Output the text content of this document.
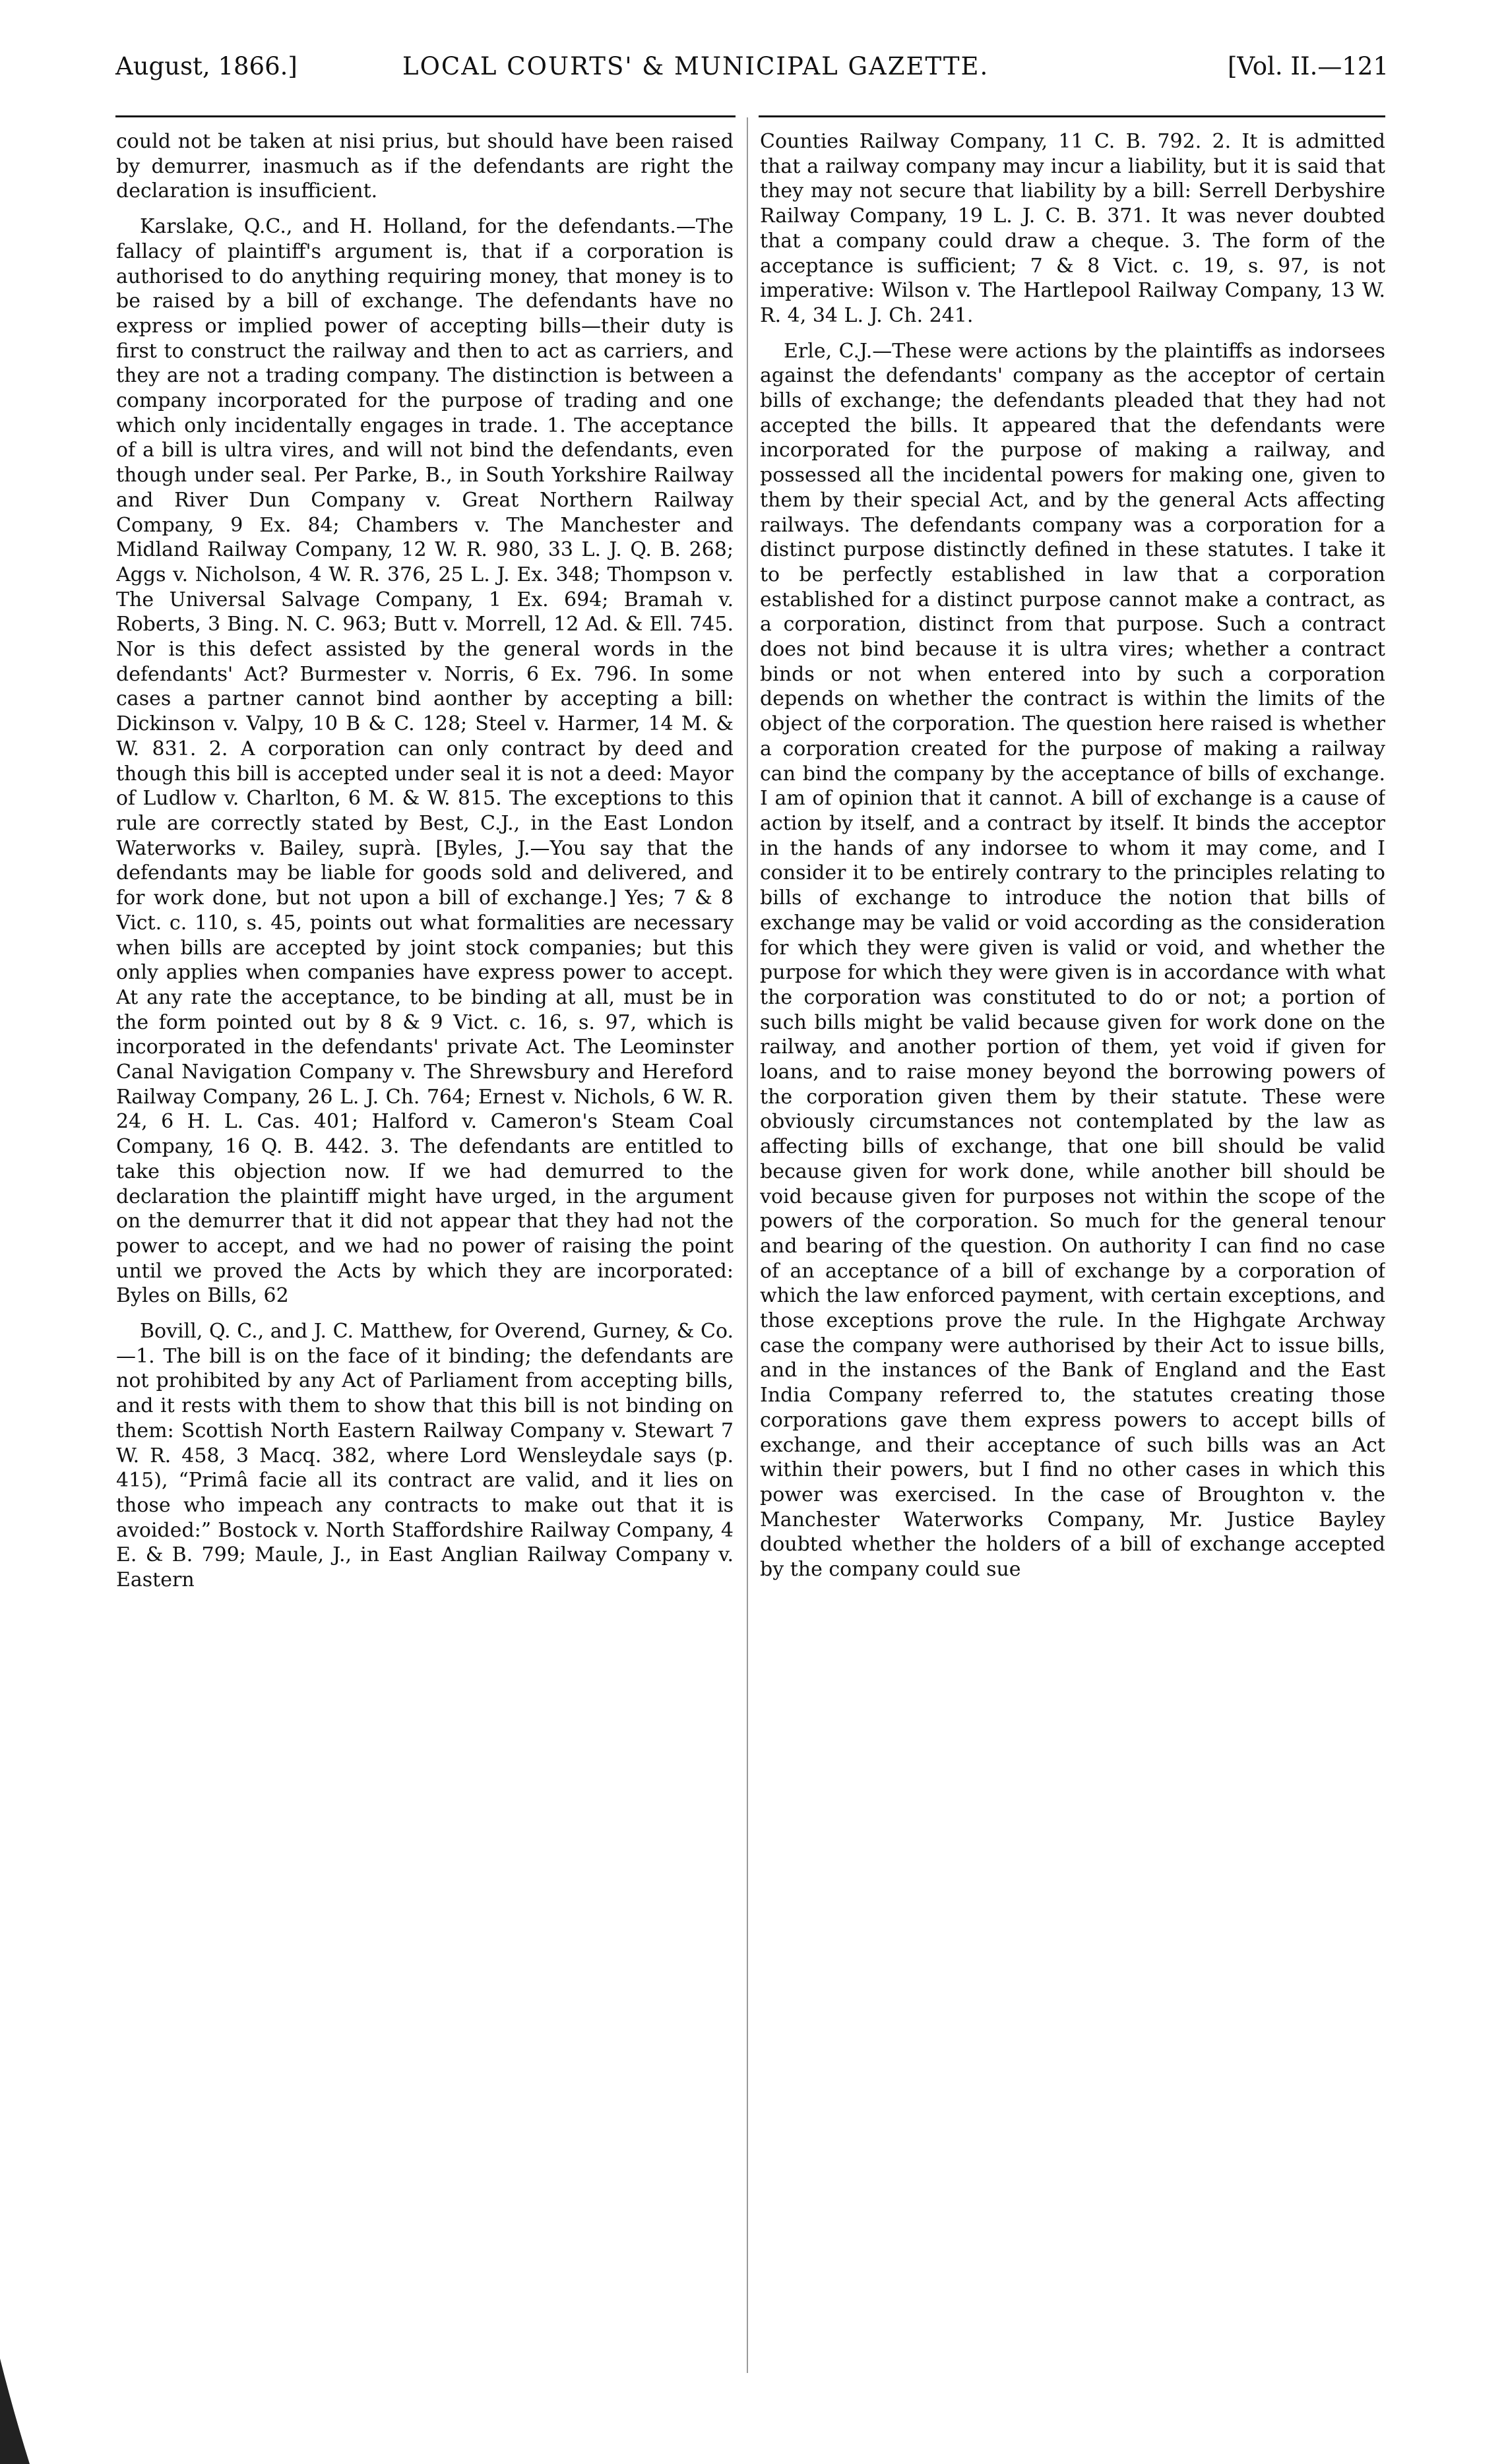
August, 1866.]	LOCAL COURTS' & MUNICIPAL GAZETTE.	[Vol. II.—121

could not be taken at nisi prius, but should have been raised by demurrer, inasmuch as if the defendants are right the declaration is insufficient.

Karslake, Q.C., and H. Holland, for the defendants.—The fallacy of plaintiff's argument is, that if a corporation is authorised to do anything requiring money, that money is to be raised by a bill of exchange. The defendants have no express or implied power of accepting bills—their duty is first to construct the railway and then to act as carriers, and they are not a trading company. The distinction is between a company incorporated for the purpose of trading and one which only incidentally engages in trade. 1. The acceptance of a bill is ultra vires, and will not bind the defendants, even though under seal. Per Parke, B., in South Yorkshire Railway and River Dun Company v. Great Northern Railway Company, 9 Ex. 84; Chambers v. The Manchester and Midland Railway Company, 12 W. R. 980, 33 L. J. Q. B. 268; Aggs v. Nicholson, 4 W. R. 376, 25 L. J. Ex. 348; Thompson v. The Universal Salvage Company, 1 Ex. 694; Bramah v. Roberts, 3 Bing. N. C. 963; Butt v. Morrell, 12 Ad. & Ell. 745. Nor is this defect assisted by the general words in the defendants' Act? Burmester v. Norris, 6 Ex. 796. In some cases a partner cannot bind aonther by accepting a bill: Dickinson v. Valpy, 10 B & C. 128; Steel v. Harmer, 14 M. & W. 831. 2. A corporation can only contract by deed and though this bill is accepted under seal it is not a deed: Mayor of Ludlow v. Charlton, 6 M. & W. 815. The exceptions to this rule are correctly stated by Best, C.J., in the East London Waterworks v. Bailey, suprà. [Byles, J.—You say that the defendants may be liable for goods sold and delivered, and for work done, but not upon a bill of exchange.] Yes; 7 & 8 Vict. c. 110, s. 45, points out what formalities are necessary when bills are accepted by joint stock companies; but this only applies when companies have express power to accept. At any rate the acceptance, to be binding at all, must be in the form pointed out by 8 & 9 Vict. c. 16, s. 97, which is incorporated in the defendants' private Act. The Leominster Canal Navigation Company v. The Shrewsbury and Hereford Railway Company, 26 L. J. Ch. 764; Ernest v. Nichols, 6 W. R. 24, 6 H. L. Cas. 401; Halford v. Cameron's Steam Coal Company, 16 Q. B. 442. 3. The defendants are entitled to take this objection now. If we had demurred to the declaration the plaintiff might have urged, in the argument on the demurrer that it did not appear that they had not the power to accept, and we had no power of raising the point until we proved the Acts by which they are incorporated: Byles on Bills, 62

Bovill, Q. C., and J. C. Matthew, for Overend, Gurney, & Co.—1. The bill is on the face of it binding; the defendants are not prohibited by any Act of Parliament from accepting bills, and it rests with them to show that this bill is not binding on them: Scottish North Eastern Railway Company v. Stewart 7 W. R. 458, 3 Macq. 382, where Lord Wensleydale says (p. 415), “Primâ facie all its contract are valid, and it lies on those who impeach any contracts to make out that it is avoided:” Bostock v. North Staffordshire Railway Company, 4 E. & B. 799; Maule, J., in East Anglian Railway Company v. Eastern

Counties Railway Company, 11 C. B. 792. 2. It is admitted that a railway company may incur a liability, but it is said that they may not secure that liability by a bill: Serrell Derbyshire Railway Company, 19 L. J. C. B. 371. It was never doubted that a company could draw a cheque. 3. The form of the acceptance is sufficient; 7 & 8 Vict. c. 19, s. 97, is not imperative: Wilson v. The Hartlepool Railway Company, 13 W. R. 4, 34 L. J. Ch. 241.

Erle, C.J.—These were actions by the plaintiffs as indorsees against the defendants' company as the acceptor of certain bills of exchange; the defendants pleaded that they had not accepted the bills. It appeared that the defendants were incorporated for the purpose of making a railway, and possessed all the incidental powers for making one, given to them by their special Act, and by the general Acts affecting railways. The defendants company was a corporation for a distinct purpose distinctly defined in these statutes. I take it to be perfectly established in law that a corporation established for a distinct purpose cannot make a contract, as a corporation, distinct from that purpose. Such a contract does not bind because it is ultra vires; whether a contract binds or not when entered into by such a corporation depends on whether the contract is within the limits of the object of the corporation. The question here raised is whether a corporation created for the purpose of making a railway can bind the company by the acceptance of bills of exchange. I am of opinion that it cannot. A bill of exchange is a cause of action by itself, and a contract by itself. It binds the acceptor in the hands of any indorsee to whom it may come, and I consider it to be entirely contrary to the principles relating to bills of exchange to introduce the notion that bills of exchange may be valid or void according as the consideration for which they were given is valid or void, and whether the purpose for which they were given is in accordance with what the corporation was constituted to do or not; a portion of such bills might be valid because given for work done on the railway, and another portion of them, yet void if given for loans, and to raise money beyond the borrowing powers of the corporation given them by their statute. These were obviously circumstances not contemplated by the law as affecting bills of exchange, that one bill should be valid because given for work done, while another bill should be void because given for purposes not within the scope of the powers of the corporation. So much for the general tenour and bearing of the question. On authority I can find no case of an acceptance of a bill of exchange by a corporation of which the law enforced payment, with certain exceptions, and those exceptions prove the rule. In the Highgate Archway case the company were authorised by their Act to issue bills, and in the instances of the Bank of England and the East India Company referred to, the statutes creating those corporations gave them express powers to accept bills of exchange, and their acceptance of such bills was an Act within their powers, but I find no other cases in which this power was exercised. In the case of Broughton v. the Manchester Waterworks Company, Mr. Justice Bayley doubted whether the holders of a bill of exchange accepted by the company could sue
